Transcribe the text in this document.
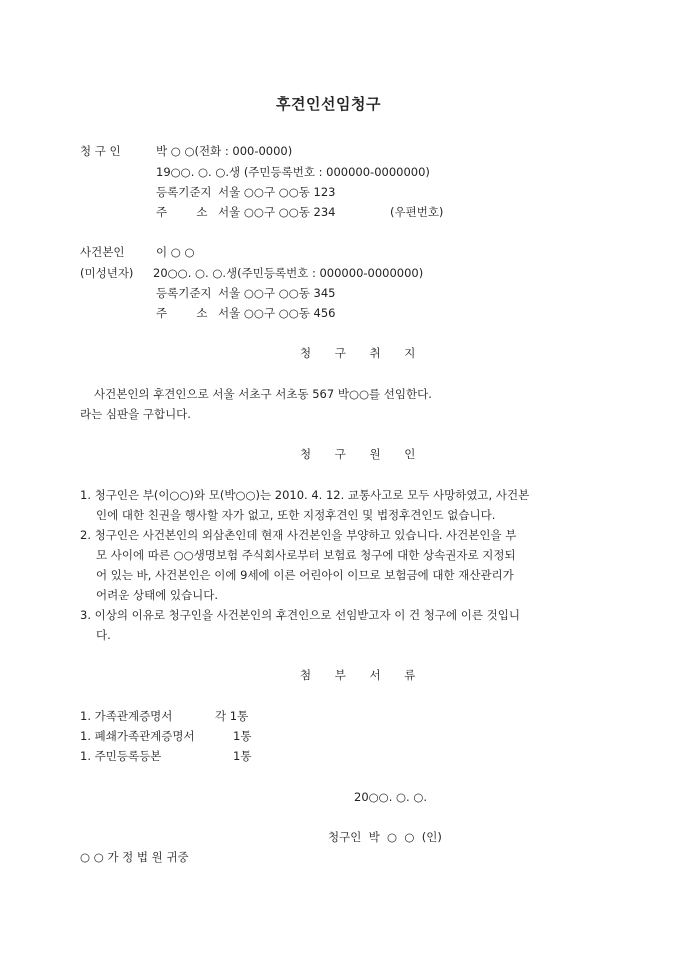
후견인선임청구
청 구 인	박 ○ ○(전화 : 000-0000)
19○○. ○. ○.생 (주민등록번호 : 000000-0000000)
등록기준지 서울 ○○구 ○○동 123
주        소 서울 ○○구 ○○동 234	(우편번호)
사건본인	이 ○ ○
(미성년자) 20○○. ○. ○.생(주민등록번호 : 000000-0000000)
등록기준지 서울 ○○구 ○○동 345
주        소 서울 ○○구 ○○동 456
청 구 취 지
사건본인의 후견인으로 서울 서초구 서초동 567 박○○를 선임한다.
라는 심판을 구합니다.
청 구 원 인
1. 청구인은 부(이○○)와 모(박○○)는 2010. 4. 12. 교통사고로 모두 사망하였고, 사건본
인에 대한 친권을 행사할 자가 없고, 또한 지정후견인 및 법정후견인도 없습니다.
2. 청구인은 사건본인의 외삼촌인데 현재 사건본인을 부양하고 있습니다. 사건본인을 부
모 사이에 따른 ○○생명보험 주식회사로부터 보험료 청구에 대한 상속권자로 지정되
어 있는 바, 사건본인은 이에 9세에 이른 어린아이 이므로 보험금에 대한 재산관리가
어려운 상태에 있습니다.
3. 이상의 이유로 청구인을 사건본인의 후견인으로 선임받고자 이 건 청구에 이른 것입니
다.
첨 부 서 류
1. 가족관계증명서	각 1통
1. 폐쇄가족관계증명서	1통
1. 주민등록등본	1통
20○○. ○. ○.
청구인  박  ○  ○  (인)
○ ○ 가 정 법 원 귀중
